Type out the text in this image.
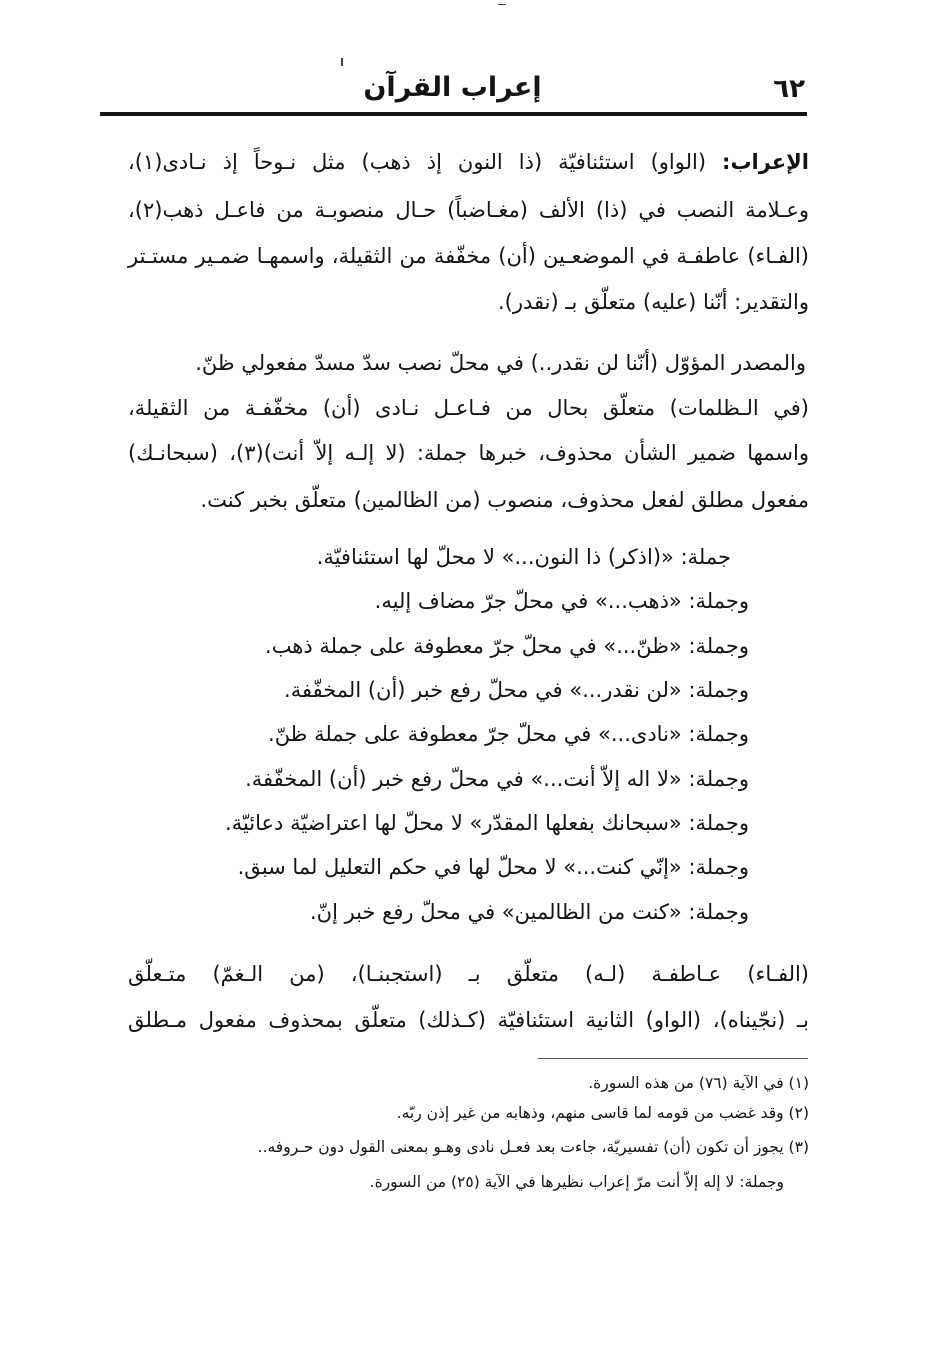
٦٢
إعراب القرآن
الإعراب: (الواو) استئنافيّة (ذا النون إذ ذهب) مثل نـوحاً إذ نـادى(١)،
وعـلامة النصب في (ذا) الألف (مغـاضباً) حـال منصوبـة من فاعـل ذهب(٢)،
(الفـاء) عاطفـة في الموضعـين (أن) مخفّفة من الثقيلة، واسمهـا ضمـير مستـتر
والتقدير: أنّنا (عليه) متعلّق بـ (نقدر).
والمصدر المؤوّل (أنّنا لن نقدر..) في محلّ نصب سدّ مسدّ مفعولي ظنّ.
(في الـظلمات) متعلّق بحال من فـاعـل نـادى (أن) مخفّفـة من الثقيلة،
واسمها ضمير الشأن محذوف، خبرها جملة: (لا إلـه إلاّ أنت)(٣)، (سبحانـك)
مفعول مطلق لفعل محذوف، منصوب (من الظالمين) متعلّق بخبر كنت.
جملة: «(اذكر) ذا النون...» لا محلّ لها استئنافيّة.
وجملة: «ذهب...» في محلّ جرّ مضاف إليه.
وجملة: «ظنّ...» في محلّ جرّ معطوفة على جملة ذهب.
وجملة: «لن نقدر...» في محلّ رفع خبر (أن) المخفّفة.
وجملة: «نادى...» في محلّ جرّ معطوفة على جملة ظنّ.
وجملة: «لا اله إلاّ أنت...» في محلّ رفع خبر (أن) المخفّفة.
وجملة: «سبحانك بفعلها المقدّر» لا محلّ لها اعتراضيّة دعائيّة.
وجملة: «إنّي كنت...» لا محلّ لها في حكم التعليل لما سبق.
وجملة: «كنت من الظالمين» في محلّ رفع خبر إنّ.
(الفـاء) عـاطفـة (لـه) متعلّق بـ (استجبنـا)، (من الـغمّ) متـعلّق
بـ (نجّيناه)، (الواو) الثانية استئنافيّة (كـذلك) متعلّق بمحذوف مفعول مـطلق
(١) في الآية (٧٦) من هذه السورة.
(٢) وقد غضب من قومه لما قاسى منهم، وذهابه من غير إذن ربّه.
(٣) يجوز أن تكون (أن) تفسيريّة، جاءت بعد فعـل نادى وهـو بمعنى القول دون حـروفه..
وجملة: لا إله إلاّ أنت مرّ إعراب نظيرها في الآية (٢٥) من السورة.
